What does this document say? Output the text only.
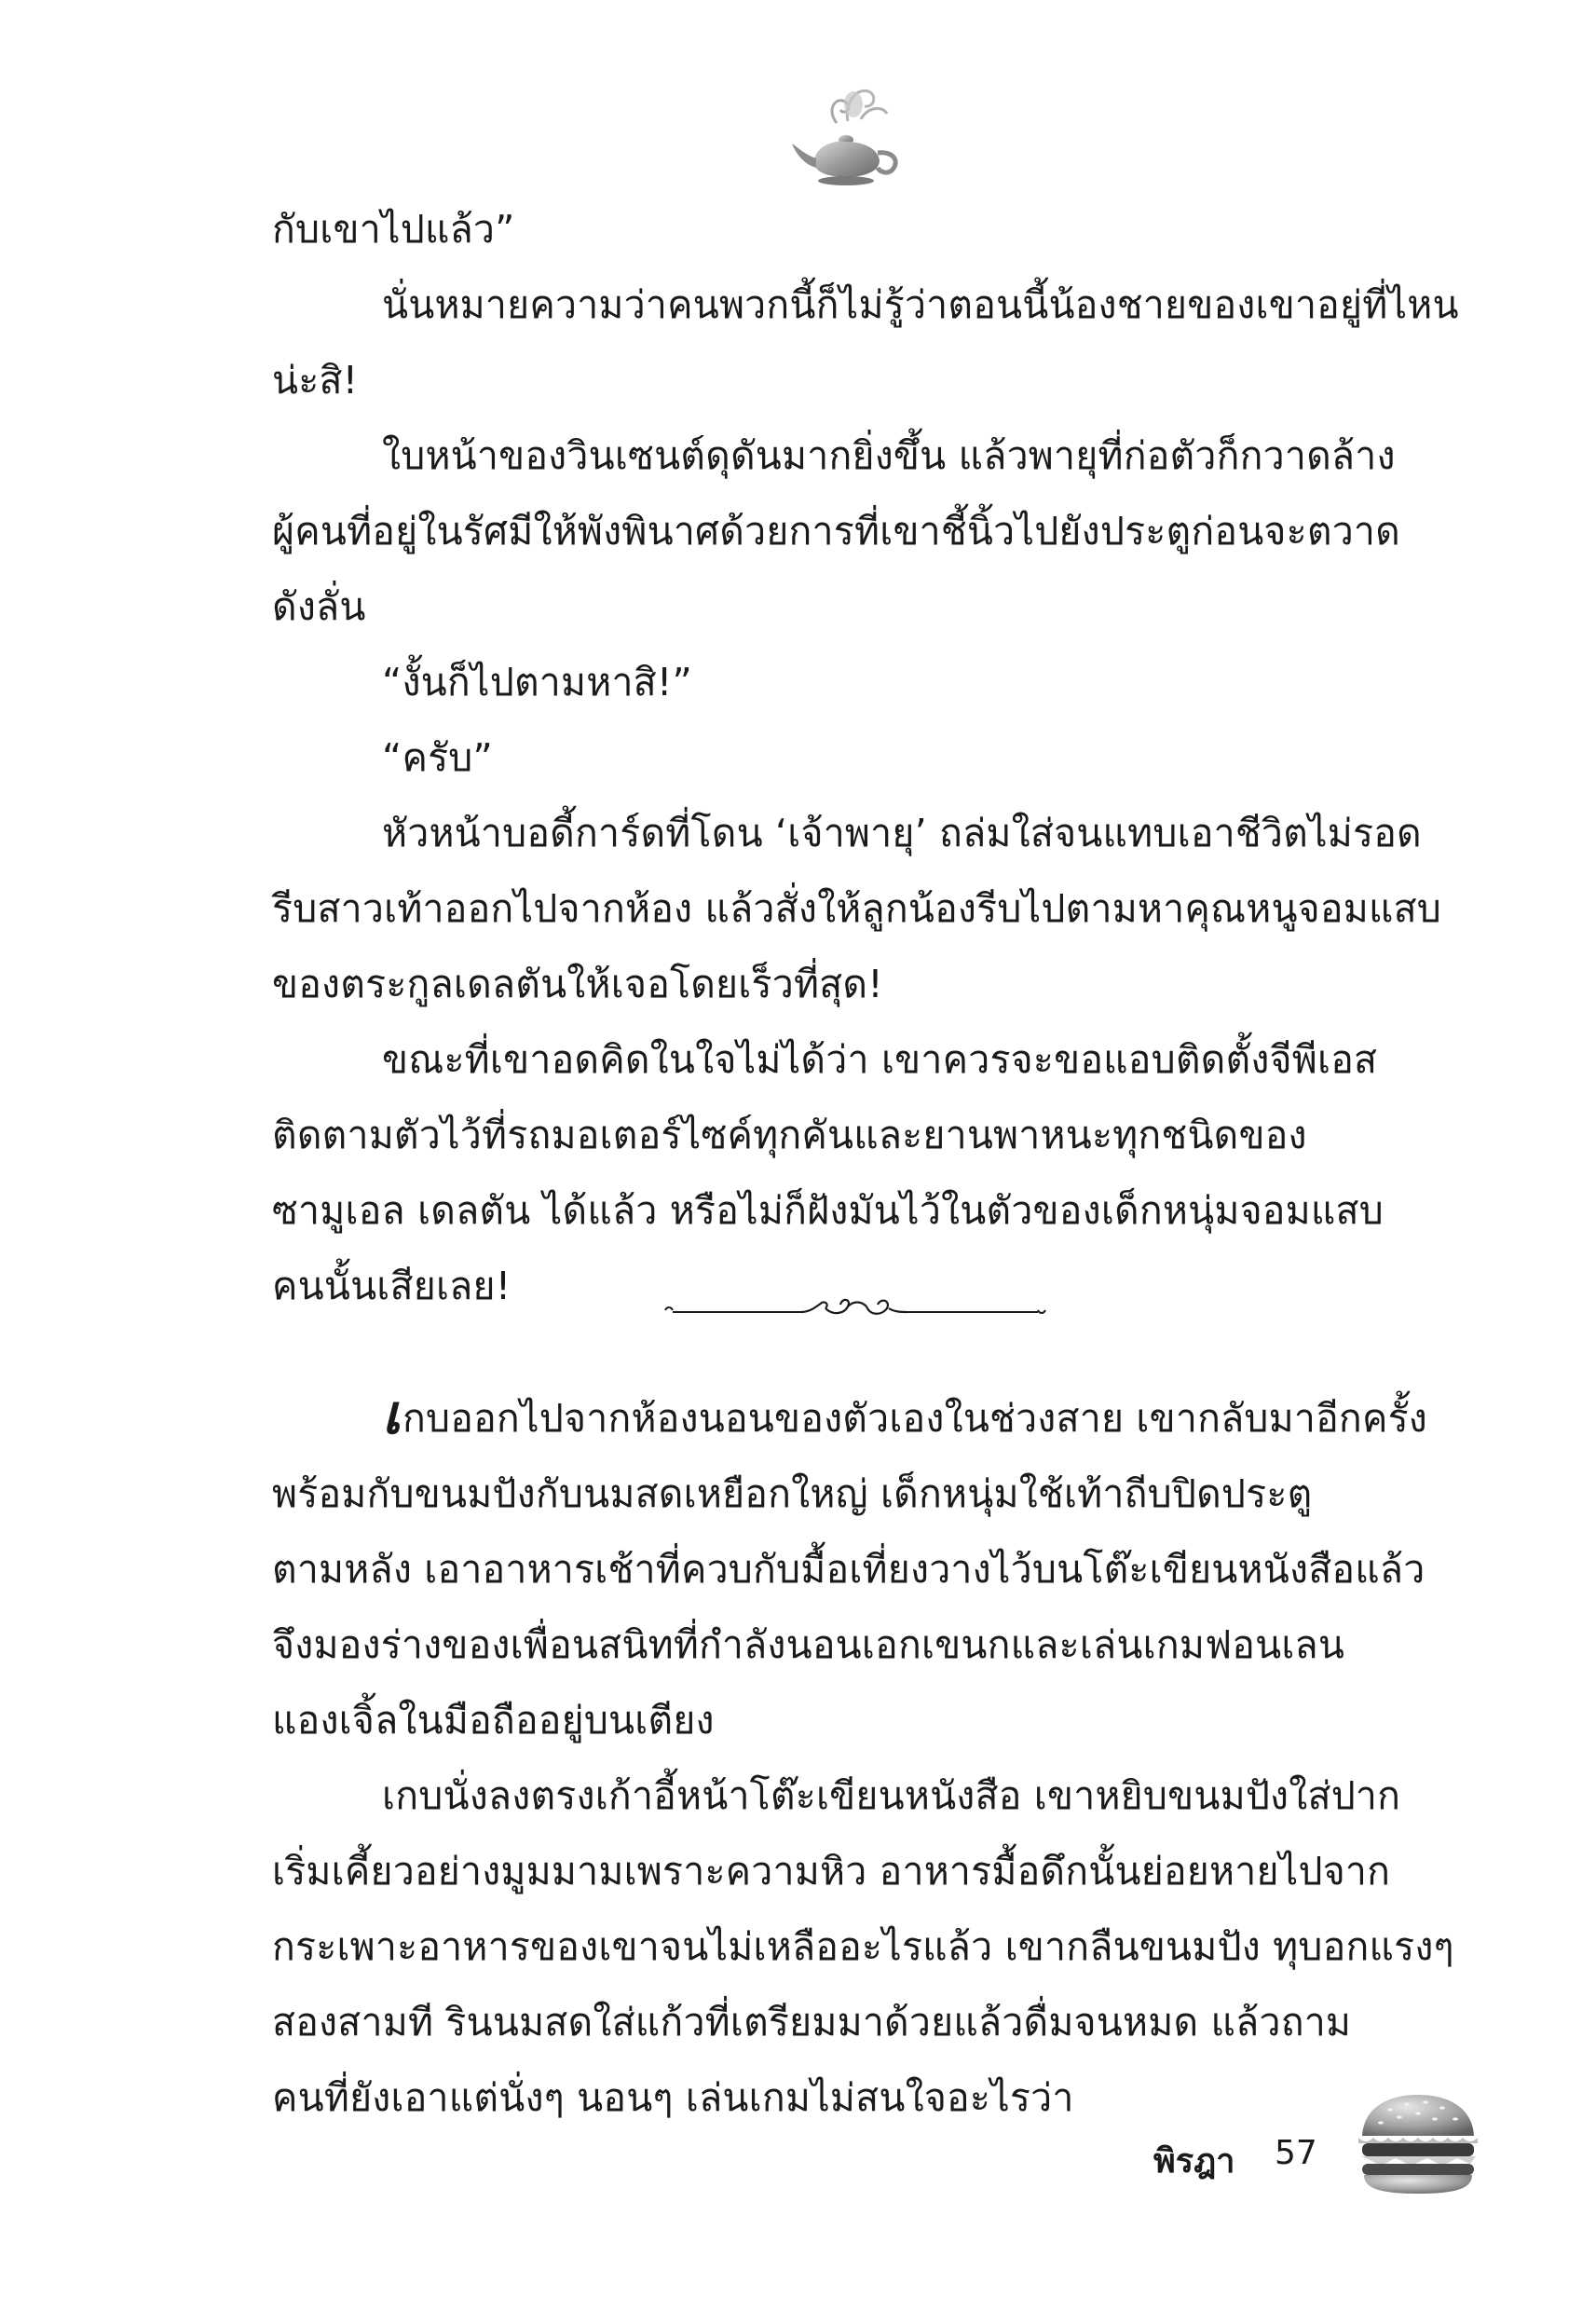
กับเขาไปแล้ว”
นั่นหมายความว่าคนพวกนี้ก็ไม่รู้ว่าตอนนี้น้องชายของเขาอยู่ที่ไหน
น่ะสิ!
ใบหน้าของวินเซนต์ดุดันมากยิ่งขึ้น แล้วพายุที่ก่อตัวก็กวาดล้าง
ผู้คนที่อยู่ในรัศมีให้พังพินาศด้วยการที่เขาชี้นิ้วไปยังประตูก่อนจะตวาด
ดังลั่น
“งั้นก็ไปตามหาสิ!”
“ครับ”
หัวหน้าบอดี้การ์ดที่โดน ‘เจ้าพายุ’ ถล่มใส่จนแทบเอาชีวิตไม่รอด
รีบสาวเท้าออกไปจากห้อง แล้วสั่งให้ลูกน้องรีบไปตามหาคุณหนูจอมแสบ
ของตระกูลเดลตันให้เจอโดยเร็วที่สุด!
ขณะที่เขาอดคิดในใจไม่ได้ว่า เขาควรจะขอแอบติดตั้งจีพีเอส
ติดตามตัวไว้ที่รถมอเตอร์ไซค์ทุกคันและยานพาหนะทุกชนิดของ
ซามูเอล เดลตัน ได้แล้ว หรือไม่ก็ฝังมันไว้ในตัวของเด็กหนุ่มจอมแสบ
คนนั้นเสียเลย!
เกบออกไปจากห้องนอนของตัวเองในช่วงสาย เขากลับมาอีกครั้ง
พร้อมกับขนมปังกับนมสดเหยือกใหญ่ เด็กหนุ่มใช้เท้าถีบปิดประตู
ตามหลัง เอาอาหารเช้าที่ควบกับมื้อเที่ยงวางไว้บนโต๊ะเขียนหนังสือแล้ว
จึงมองร่างของเพื่อนสนิทที่กำลังนอนเอกเขนกและเล่นเกมฟอนเลน
แองเจิ้ลในมือถืออยู่บนเตียง
เกบนั่งลงตรงเก้าอี้หน้าโต๊ะเขียนหนังสือ เขาหยิบขนมปังใส่ปาก
เริ่มเคี้ยวอย่างมูมมามเพราะความหิว อาหารมื้อดึกนั้นย่อยหายไปจาก
กระเพาะอาหารของเขาจนไม่เหลืออะไรแล้ว เขากลืนขนมปัง ทุบอกแรงๆ
สองสามที รินนมสดใส่แก้วที่เตรียมมาด้วยแล้วดื่มจนหมด แล้วถาม
คนที่ยังเอาแต่นั่งๆ นอนๆ เล่นเกมไม่สนใจอะไรว่า
พิรฎา 57
